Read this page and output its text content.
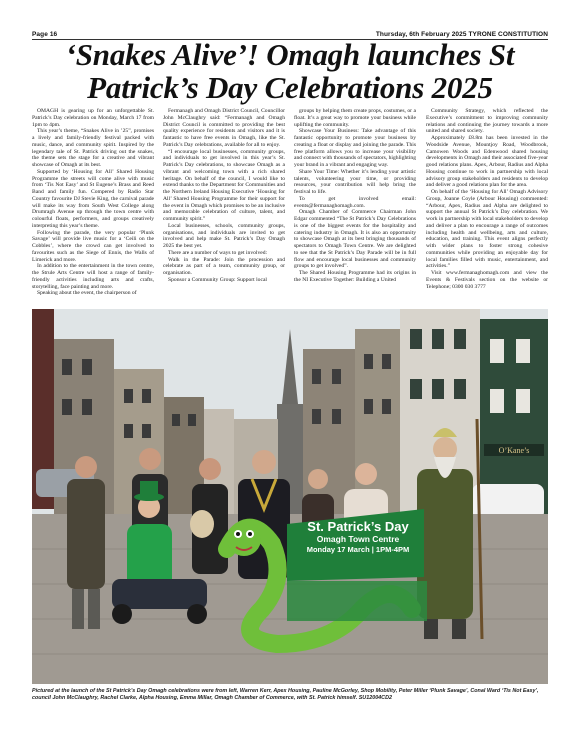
Page 16	Thursday, 6th February 2025 TYRONE CONSTITUTION
‘Snakes Alive’! Omagh launches St Patrick’s Day Celebrations 2025

OMAGH is gearing up for an unforgettable St. Patrick’s Day celebration on Monday, March 17 from 1pm to 4pm.

This year’s theme, “Snakes Alive in ’25”, promises a lively and family-friendly festival packed with music, dance, and community spirit. Inspired by the legendary tale of St. Patrick driving out the snakes, the theme sets the stage for a creative and vibrant showcase of Omagh at its best.

Supported by ‘Housing for All’ Shared Housing Programme the streets will come alive with music from ‘Tis Not Easy’ and St Eugene’s Brass and Reed Band and family fun. Compered by Radio Star Country favourite DJ Stevie King, the carnival parade will make its way from South West College along Drumragh Avenue up through the town centre with colourful floats, performers, and groups creatively interpreting this year’s theme.

Following the parade, the very popular ‘Plunk Savage’ will provide live music for a ‘Ceili on the Cobbles’, where the crowd can get involved to favourites such as the Siege of Ennis, the Walls of Limerick and more.

In addition to the entertainment in the town centre, the Strule Arts Centre will host a range of family-friendly activities including arts and crafts, storytelling, face painting and more.

Speaking about the event, the chairperson of

Fermanagh and Omagh District Council, Councillor John McClaughry said: “Fermanagh and Omagh District Council is committed to providing the best quality experience for residents and visitors and it is fantastic to have free events in Omagh, like the St. Patrick’s Day celebrations, available for all to enjoy.

“I encourage local businesses, community groups, and individuals to get involved in this year’s St. Patrick’s Day celebrations, to showcase Omagh as a vibrant and welcoming town with a rich shared heritage. On behalf of the council, I would like to extend thanks to the Department for Communities and the Northern Ireland Housing Executive ‘Housing for All’ Shared Housing Programme for their support for the event in Omagh which promises to be an inclusive and memorable celebration of culture, talent, and community spirit.”

Local businesses, schools, community groups, organisations, and individuals are invited to get involved and help make St. Patrick’s Day Omagh 2025 the best yet.

There are a number of ways to get involved:

Walk in the Parade: Join the procession and celebrate as part of a team, community group, or organisation.

Sponsor a Community Group: Support local

groups by helping them create props, costumes, or a float. It’s a great way to promote your business while uplifting the community.

Showcase Your Business: Take advantage of this fantastic opportunity to promote your business by creating a float or display and joining the parade. This free platform allows you to increase your visibility and connect with thousands of spectators, highlighting your brand in a vibrant and engaging way.

Share Your Time: Whether it’s lending your artistic talents, volunteering your time, or providing resources, your contribution will help bring the festival to life.

To get involved email: events@fermanaghomagh.com.

Omagh Chamber of Commerce Chairman John Edgar commented “The St Patrick’s Day Celebrations is one of the biggest events for the hospitality and catering industry in Omagh. It is also an opportunity to showcase Omagh at its best bringing thousands of spectators to Omagh Town Centre. We are delighted to see that the St Patrick’s Day Parade will be in full flow and encourage local businesses and community groups to get involved”.

The Shared Housing Programme had its origins in the NI Executive Together: Building a United

Community Strategy, which reflected the Executive’s commitment to improving community relations and continuing the journey towards a more united and shared society.

Approximately £8.8m has been invested in the Woodside Avenue, Mountjoy Road, Woodbrook, Camowen Woods and Edenwood shared housing developments in Omagh and their associated five-year good relations plans. Apex, Arbour, Radius and Alpha Housing continue to work in partnership with local advisory group stakeholders and residents to develop and deliver a good relations plan for the area.

On behalf of the ‘Housing for All’ Omagh Advisory Group, Joanne Coyle (Arbour Housing) commented: “Arbour, Apex, Radius and Alpha are delighted to support the annual St Patrick’s Day celebration. We work in partnership with local stakeholders to develop and deliver a plan to encourage a range of outcomes including health and wellbeing, arts and culture, education, and training. This event aligns perfectly with wider plans to foster strong cohesive communities while providing an enjoyable day for local families filled with music, entertainment, and activities.”

Visit www.fermanaghomagh.com and view the Events & Festivals section on the website or Telephone; 0300 030 3777

O’Kane’s
St. Patrick’s Day
Omagh Town Centre
Monday 17 March | 1PM-4PM
Pictured at the launch of the St Patrick’s Day Omagh celebrations were from left, Warren Kerr, Apex Housing, Pauline McGorley, Shop Mobility, Peter Miller ‘Plunk Savage’, Conal Ward ‘Tis Not Easy’, council John McClaughry, Rachel Clarke, Alpha Housing, Emma Millar, Omagh Chamber of Commerce, with St. Patrick himself. SU12004CD2
